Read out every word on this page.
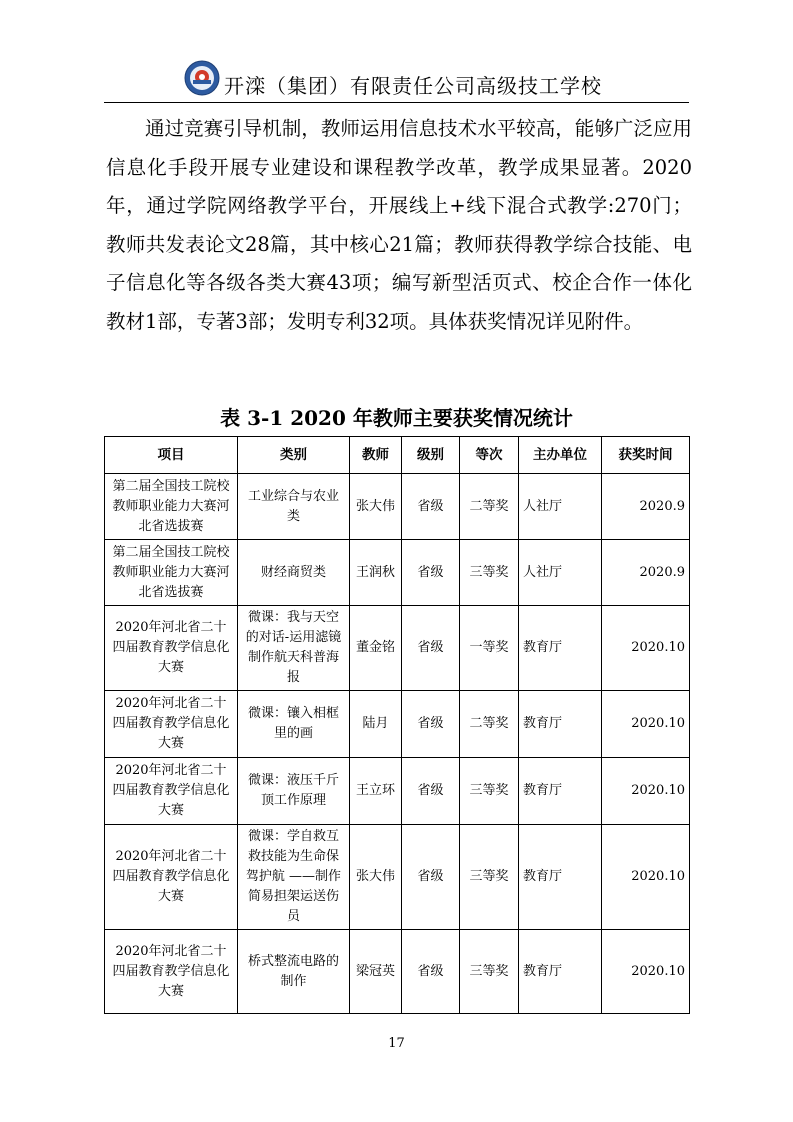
开滦（集团）有限责任公司高级技工学校

通过竞赛引导机制，教师运用信息技术水平较高，能够广泛应用信息化手段开展专业建设和课程教学改革，教学成果显著。2020年，通过学院网络教学平台，开展线上+线下混合式教学:270门；教师共发表论文28篇，其中核心21篇；教师获得教学综合技能、电子信息化等各级各类大赛43项；编写新型活页式、校企合作一体化教材1部，专著3部；发明专利32项。具体获奖情况详见附件。

表 3-1 2020 年教师主要获奖情况统计
项目	类别	教师	级别	等次	主办单位	获奖时间
第二届全国技工院校教师职业能力大赛河北省选拔赛	工业综合与农业类	张大伟	省级	二等奖	人社厅	2020.9
第二届全国技工院校教师职业能力大赛河北省选拔赛	财经商贸类	王润秋	省级	三等奖	人社厅	2020.9
2020年河北省二十四届教育教学信息化大赛	微课：我与天空的对话-运用滤镜制作航天科普海报	董金铭	省级	一等奖	教育厅	2020.10
2020年河北省二十四届教育教学信息化大赛	微课：镶入相框里的画	陆月	省级	二等奖	教育厅	2020.10
2020年河北省二十四届教育教学信息化大赛	微课：液压千斤顶工作原理	王立环	省级	三等奖	教育厅	2020.10
2020年河北省二十四届教育教学信息化大赛	微课：学自救互救技能为生命保驾护航 ——制作简易担架运送伤员	张大伟	省级	三等奖	教育厅	2020.10
2020年河北省二十四届教育教学信息化大赛	桥式整流电路的制作	梁冠英	省级	三等奖	教育厅	2020.10
17
